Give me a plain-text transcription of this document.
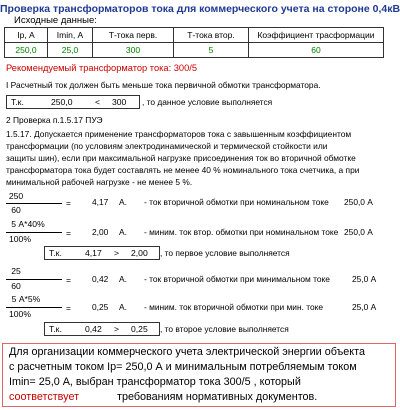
Проверка трансформаторов тока для коммерческого учета на стороне 0,4кВ
Исходные данные:
Iр, А	Imin, А	Т-тока перв.	Т-тока втор.	Коэффициент трасформации
250,0	25,0	300	5	60
Рекомендуемый трансформатор тока: 300/5
I Расчетный ток должен быть меньше тока первичной обмотки трансформатора.
Т.к.	250,0	< 300 , то данное условие выполняется
2 Проверка п.1.5.17 ПУЭ
1.5.17. Допускается применение трансформаторов тока с завышенным коэффициентом
трансформации (по условиям электродинамической и термической стойкости или
защиты шин), если при максимальной нагрузке присоединения ток во вторичной обмотке
трансформатора тока будет составлять не менее 40 % номинального тока счетчика, а при
минимальной рабочей нагрузке - не менее 5 %.
250
60
=	4,17 А. - ток вторичной обмотки при номинальном токе 250,0 А
5 А*40%
100%
=	2,00 А. - миним. ток втор. обмотки при номинальном токе 250,0 А
Т.к.	4,17 > 2,00 , то первое условие выполняется
25
60
=	0,42 А. - ток вторичной обмотки при минимальном токе	25,0 А
5 А*5%
100%
=	0,25 А. - миним. ток вторичной обмотки при мин. токе	25,0 А
Т.к.	0,42 > 0,25 , то второе условие выполняется
Для организации коммерческого учета электрической энергии объекта
с расчетным током Iр= 250,0 А и минимальным потребляемым током
Imin= 25,0 А, выбран трансформатор тока 300/5 , который
соответствует	требованиям нормативных документов.
